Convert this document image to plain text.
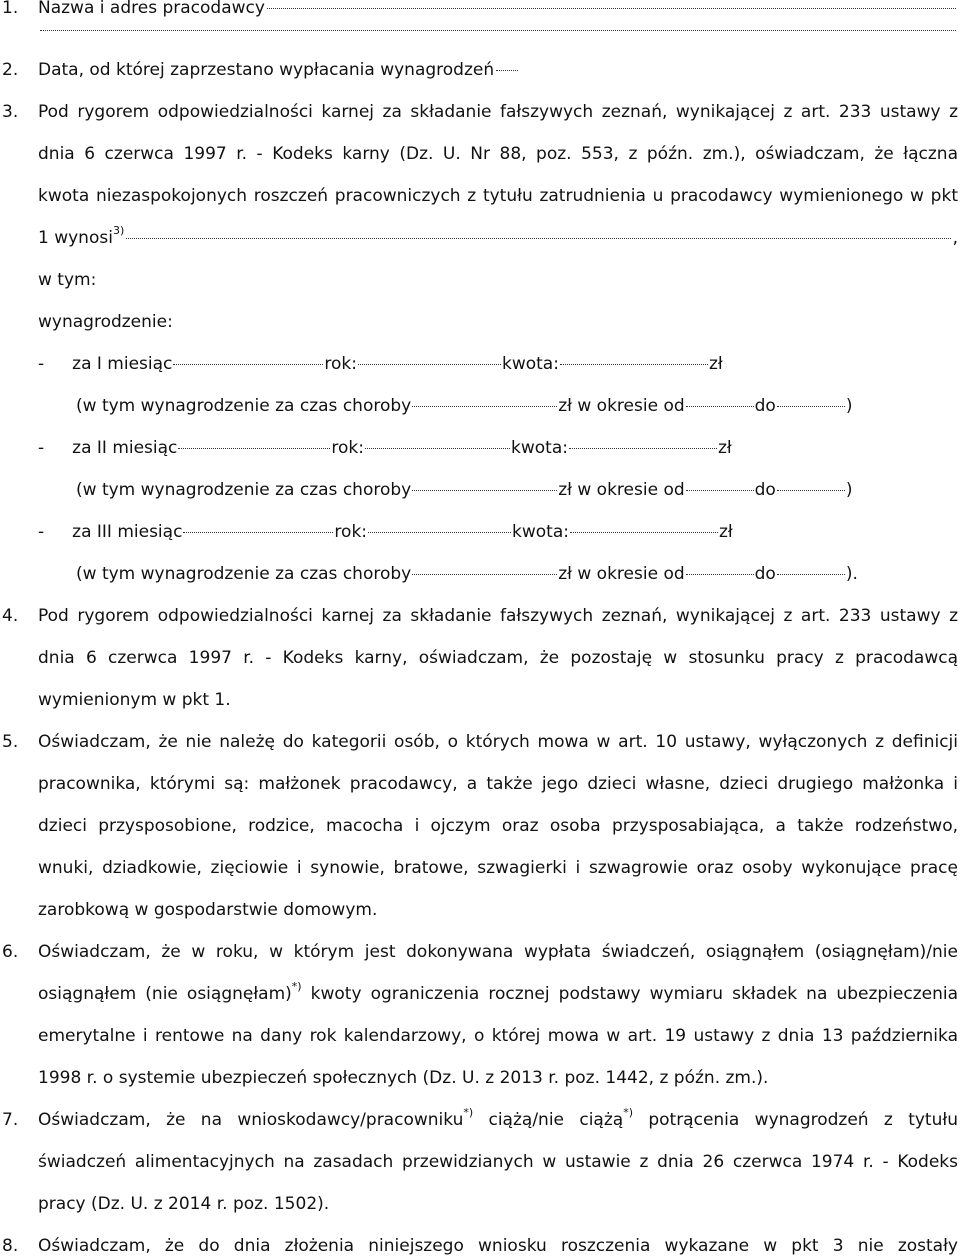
1. Nazwa i adres pracodawcy
2. Data, od której zaprzestano wypłacania wynagrodzeń
3. Pod rygorem odpowiedzialności karnej za składanie fałszywych zeznań, wynikającej z art. 233 ustawy z
dnia 6 czerwca 1997 r. - Kodeks karny (Dz. U. Nr 88, poz. 553, z późn. zm.), oświadczam, że łączna
kwota niezaspokojonych roszczeń pracowniczych z tytułu zatrudnienia u pracodawcy wymienionego w pkt
1 wynosi$^{3)}$	,
w tym:
wynagrodzenie:
- za I miesiąc	rok:	kwota:	zł
(w tym wynagrodzenie za czas choroby	zł w okresie od	do	)
- za II miesiąc	rok:	kwota:	zł
(w tym wynagrodzenie za czas choroby	zł w okresie od	do	)
- za III miesiąc	rok:	kwota:	zł
(w tym wynagrodzenie za czas choroby	zł w okresie od	do	).
4. Pod rygorem odpowiedzialności karnej za składanie fałszywych zeznań, wynikającej z art. 233 ustawy z
dnia 6 czerwca 1997 r. - Kodeks karny, oświadczam, że pozostaję w stosunku pracy z pracodawcą
wymienionym w pkt 1.
5. Oświadczam, że nie należę do kategorii osób, o których mowa w art. 10 ustawy, wyłączonych z definicji
pracownika, którymi są: małżonek pracodawcy, a także jego dzieci własne, dzieci drugiego małżonka i
dzieci przysposobione, rodzice, macocha i ojczym oraz osoba przysposabiająca, a także rodzeństwo,
wnuki, dziadkowie, zięciowie i synowie, bratowe, szwagierki i szwagrowie oraz osoby wykonujące pracę
zarobkową w gospodarstwie domowym.
6. Oświadczam, że w roku, w którym jest dokonywana wypłata świadczeń, osiągnąłem (osiągnęłam)/nie
osiągnąłem (nie osiągnęłam)*) kwoty ograniczenia rocznej podstawy wymiaru składek na ubezpieczenia
emerytalne i rentowe na dany rok kalendarzowy, o której mowa w art. 19 ustawy z dnia 13 października
1998 r. o systemie ubezpieczeń społecznych (Dz. U. z 2013 r. poz. 1442, z późn. zm.).
7. Oświadczam, że na wnioskodawcy/pracowniku*) ciążą/nie ciążą*) potrącenia wynagrodzeń z tytułu
świadczeń alimentacyjnych na zasadach przewidzianych w ustawie z dnia 26 czerwca 1974 r. - Kodeks
pracy (Dz. U. z 2014 r. poz. 1502).
8. Oświadczam, że do dnia złożenia niniejszego wniosku roszczenia wykazane w pkt 3 nie zostały
